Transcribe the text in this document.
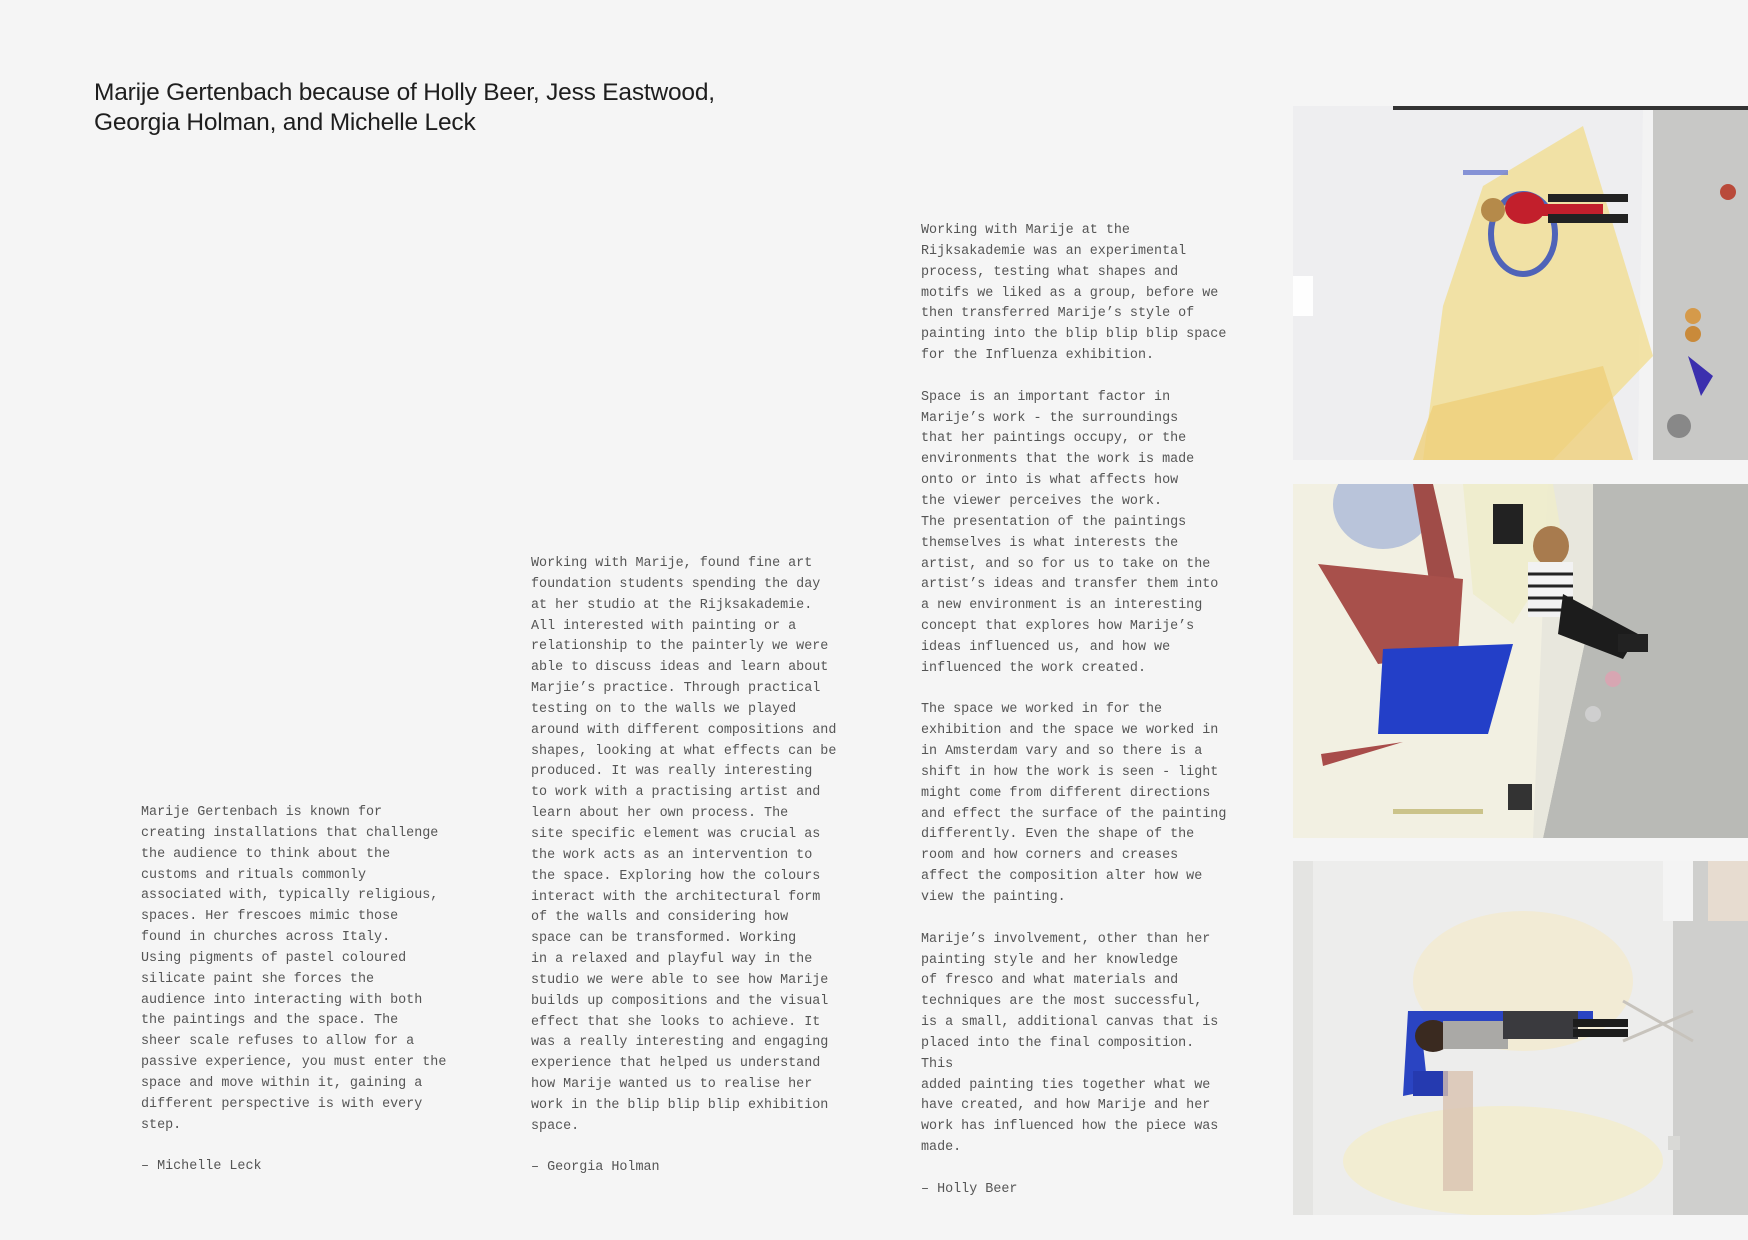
Marije Gertenbach because of Holly Beer, Jess Eastwood,
Georgia Holman, and Michelle Leck

Marije Gertenbach is known for
creating installations that challenge
the audience to think about the
customs and rituals commonly
associated with, typically religious,
spaces. Her frescoes mimic those
found in churches across Italy.
Using pigments of pastel coloured
silicate paint she forces the
audience into interacting with both
the paintings and the space. The
sheer scale refuses to allow for a
passive experience, you must enter the
space and move within it, gaining a
different perspective is with every
step.

– Michelle Leck

Working with Marije, found fine art
foundation students spending the day
at her studio at the Rijksakademie.
All interested with painting or a
relationship to the painterly we were
able to discuss ideas and learn about
Marjie’s practice. Through practical
testing on to the walls we played
around with different compositions and
shapes, looking at what effects can be
produced. It was really interesting
to work with a practising artist and
learn about her own process. The
site specific element was crucial as
the work acts as an intervention to
the space. Exploring how the colours
interact with the architectural form
of the walls and considering how
space can be transformed. Working
in a relaxed and playful way in the
studio we were able to see how Marije
builds up compositions and the visual
effect that she looks to achieve. It
was a really interesting and engaging
experience that helped us understand
how Marije wanted us to realise her
work in the blip blip blip exhibition
space.

– Georgia Holman

Working with Marije at the
Rijksakademie was an experimental
process, testing what shapes and
motifs we liked as a group, before we
then transferred Marije’s style of
painting into the blip blip blip space
for the Influenza exhibition.

Space is an important factor in
Marije’s work - the surroundings
that her paintings occupy, or the
environments that the work is made
onto or into is what affects how
the viewer perceives the work.
The presentation of the paintings
themselves is what interests the
artist, and so for us to take on the
artist’s ideas and transfer them into
a new environment is an interesting
concept that explores how Marije’s
ideas influenced us, and how we
influenced the work created.

The space we worked in for the
exhibition and the space we worked in
in Amsterdam vary and so there is a
shift in how the work is seen - light
might come from different directions
and effect the surface of the painting
differently. Even the shape of the
room and how corners and creases
affect the composition alter how we
view the painting.

Marije’s involvement, other than her
painting style and her knowledge
of fresco and what materials and
techniques are the most successful,
is a small, additional canvas that is
placed into the final composition. This
added painting ties together what we
have created, and how Marije and her
work has influenced how the piece was
made.

– Holly Beer
